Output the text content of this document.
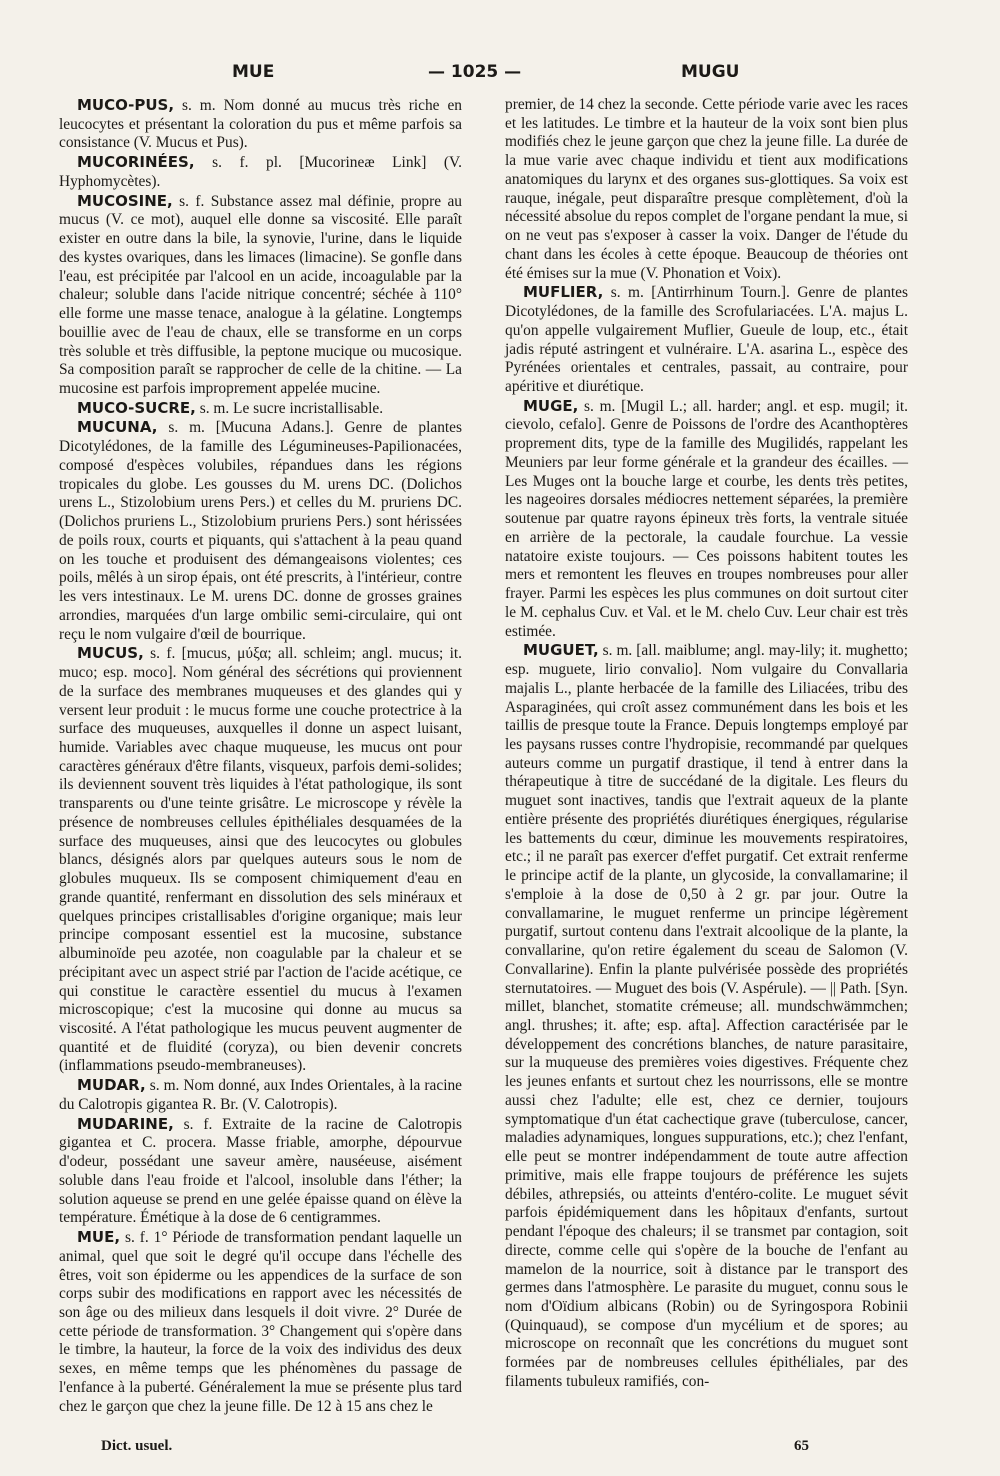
MUE	— 1025 —	MUGU

MUCO-PUS, s. m. Nom donné au mucus très riche en leucocytes et présentant la coloration du pus et même parfois sa consistance (V. Mucus et Pus).

MUCORINÉES, s. f. pl. [Mucorineæ Link] (V. Hyphomycètes).

MUCOSINE, s. f. Substance assez mal définie, propre au mucus (V. ce mot), auquel elle donne sa viscosité. Elle paraît exister en outre dans la bile, la synovie, l'urine, dans le liquide des kystes ovariques, dans les limaces (limacine). Se gonfle dans l'eau, est précipitée par l'alcool en un acide, incoagulable par la chaleur; soluble dans l'acide nitrique concentré; séchée à 110° elle forme une masse tenace, analogue à la gélatine. Longtemps bouillie avec de l'eau de chaux, elle se transforme en un corps très soluble et très diffusible, la peptone mucique ou mucosique. Sa composition paraît se rapprocher de celle de la chitine. — La mucosine est parfois improprement appelée mucine.

MUCO-SUCRE, s. m. Le sucre incristallisable.

MUCUNA, s. m. [Mucuna Adans.]. Genre de plantes Dicotylédones, de la famille des Légumineuses-Papilionacées, composé d'espèces volubiles, répandues dans les régions tropicales du globe. Les gousses du M. urens DC. (Dolichos urens L., Stizolobium urens Pers.) et celles du M. pruriens DC. (Dolichos pruriens L., Stizolobium pruriens Pers.) sont hérissées de poils roux, courts et piquants, qui s'attachent à la peau quand on les touche et produisent des démangeaisons violentes; ces poils, mêlés à un sirop épais, ont été prescrits, à l'intérieur, contre les vers intestinaux. Le M. urens DC. donne de grosses graines arrondies, marquées d'un large ombilic semi-circulaire, qui ont reçu le nom vulgaire d'œil de bourrique.

MUCUS, s. f. [mucus, μύξα; all. schleim; angl. mucus; it. muco; esp. moco]. Nom général des sécrétions qui proviennent de la surface des membranes muqueuses et des glandes qui y versent leur produit : le mucus forme une couche protectrice à la surface des muqueuses, auxquelles il donne un aspect luisant, humide. Variables avec chaque muqueuse, les mucus ont pour caractères généraux d'être filants, visqueux, parfois demi-solides; ils deviennent souvent très liquides à l'état pathologique, ils sont transparents ou d'une teinte grisâtre. Le microscope y révèle la présence de nombreuses cellules épithéliales desquamées de la surface des muqueuses, ainsi que des leucocytes ou globules blancs, désignés alors par quelques auteurs sous le nom de globules muqueux. Ils se composent chimiquement d'eau en grande quantité, renfermant en dissolution des sels minéraux et quelques principes cristallisables d'origine organique; mais leur principe composant essentiel est la mucosine, substance albuminoïde peu azotée, non coagulable par la chaleur et se précipitant avec un aspect strié par l'action de l'acide acétique, ce qui constitue le caractère essentiel du mucus à l'examen microscopique; c'est la mucosine qui donne au mucus sa viscosité. A l'état pathologique les mucus peuvent augmenter de quantité et de fluidité (coryza), ou bien devenir concrets (inflammations pseudo-membraneuses).

MUDAR, s. m. Nom donné, aux Indes Orientales, à la racine du Calotropis gigantea R. Br. (V. Calotropis).

MUDARINE, s. f. Extraite de la racine de Calotropis gigantea et C. procera. Masse friable, amorphe, dépourvue d'odeur, possédant une saveur amère, nauséeuse, aisément soluble dans l'eau froide et l'alcool, insoluble dans l'éther; la solution aqueuse se prend en une gelée épaisse quand on élève la température. Émétique à la dose de 6 centigrammes.

MUE, s. f. 1° Période de transformation pendant laquelle un animal, quel que soit le degré qu'il occupe dans l'échelle des êtres, voit son épiderme ou les appendices de la surface de son corps subir des modifications en rapport avec les nécessités de son âge ou des milieux dans lesquels il doit vivre. 2° Durée de cette période de transformation. 3° Changement qui s'opère dans le timbre, la hauteur, la force de la voix des individus des deux sexes, en même temps que les phénomènes du passage de l'enfance à la puberté. Généralement la mue se présente plus tard chez le garçon que chez la jeune fille. De 12 à 15 ans chez le

premier, de 14 chez la seconde. Cette période varie avec les races et les latitudes. Le timbre et la hauteur de la voix sont bien plus modifiés chez le jeune garçon que chez la jeune fille. La durée de la mue varie avec chaque individu et tient aux modifications anatomiques du larynx et des organes sus-glottiques. Sa voix est rauque, inégale, peut disparaître presque complètement, d'où la nécessité absolue du repos complet de l'organe pendant la mue, si on ne veut pas s'exposer à casser la voix. Danger de l'étude du chant dans les écoles à cette époque. Beaucoup de théories ont été émises sur la mue (V. Phonation et Voix).

MUFLIER, s. m. [Antirrhinum Tourn.]. Genre de plantes Dicotylédones, de la famille des Scrofulariacées. L'A. majus L. qu'on appelle vulgairement Muflier, Gueule de loup, etc., était jadis réputé astringent et vulnéraire. L'A. asarina L., espèce des Pyrénées orientales et centrales, passait, au contraire, pour apéritive et diurétique.

MUGE, s. m. [Mugil L.; all. harder; angl. et esp. mugil; it. cievolo, cefalo]. Genre de Poissons de l'ordre des Acanthoptères proprement dits, type de la famille des Mugilidés, rappelant les Meuniers par leur forme générale et la grandeur des écailles. — Les Muges ont la bouche large et courbe, les dents très petites, les nageoires dorsales médiocres nettement séparées, la première soutenue par quatre rayons épineux très forts, la ventrale située en arrière de la pectorale, la caudale fourchue. La vessie natatoire existe toujours. — Ces poissons habitent toutes les mers et remontent les fleuves en troupes nombreuses pour aller frayer. Parmi les espèces les plus communes on doit surtout citer le M. cephalus Cuv. et Val. et le M. chelo Cuv. Leur chair est très estimée.

MUGUET, s. m. [all. maiblume; angl. may-lily; it. mughetto; esp. muguete, lirio convalio]. Nom vulgaire du Convallaria majalis L., plante herbacée de la famille des Liliacées, tribu des Asparaginées, qui croît assez communément dans les bois et les taillis de presque toute la France. Depuis longtemps employé par les paysans russes contre l'hydropisie, recommandé par quelques auteurs comme un purgatif drastique, il tend à entrer dans la thérapeutique à titre de succédané de la digitale. Les fleurs du muguet sont inactives, tandis que l'extrait aqueux de la plante entière présente des propriétés diurétiques énergiques, régularise les battements du cœur, diminue les mouvements respiratoires, etc.; il ne paraît pas exercer d'effet purgatif. Cet extrait renferme le principe actif de la plante, un glycoside, la convallamarine; il s'emploie à la dose de 0,50 à 2 gr. par jour. Outre la convallamarine, le muguet renferme un principe légèrement purgatif, surtout contenu dans l'extrait alcoolique de la plante, la convallarine, qu'on retire également du sceau de Salomon (V. Convallarine). Enfin la plante pulvérisée possède des propriétés sternutatoires. — Muguet des bois (V. Aspérule). — || Path. [Syn. millet, blanchet, stomatite crémeuse; all. mundschwämmchen; angl. thrushes; it. afte; esp. afta]. Affection caractérisée par le développement des concrétions blanches, de nature parasitaire, sur la muqueuse des premières voies digestives. Fréquente chez les jeunes enfants et surtout chez les nourrissons, elle se montre aussi chez l'adulte; elle est, chez ce dernier, toujours symptomatique d'un état cachectique grave (tuberculose, cancer, maladies adynamiques, longues suppurations, etc.); chez l'enfant, elle peut se montrer indépendamment de toute autre affection primitive, mais elle frappe toujours de préférence les sujets débiles, athrepsiés, ou atteints d'entéro-colite. Le muguet sévit parfois épidémiquement dans les hôpitaux d'enfants, surtout pendant l'époque des chaleurs; il se transmet par contagion, soit directe, comme celle qui s'opère de la bouche de l'enfant au mamelon de la nourrice, soit à distance par le transport des germes dans l'atmosphère. Le parasite du muguet, connu sous le nom d'Oïdium albicans (Robin) ou de Syringospora Robinii (Quinquaud), se compose d'un mycélium et de spores; au microscope on reconnaît que les concrétions du muguet sont formées par de nombreuses cellules épithéliales, par des filaments tubuleux ramifiés, con-

Dict. usuel.	65
